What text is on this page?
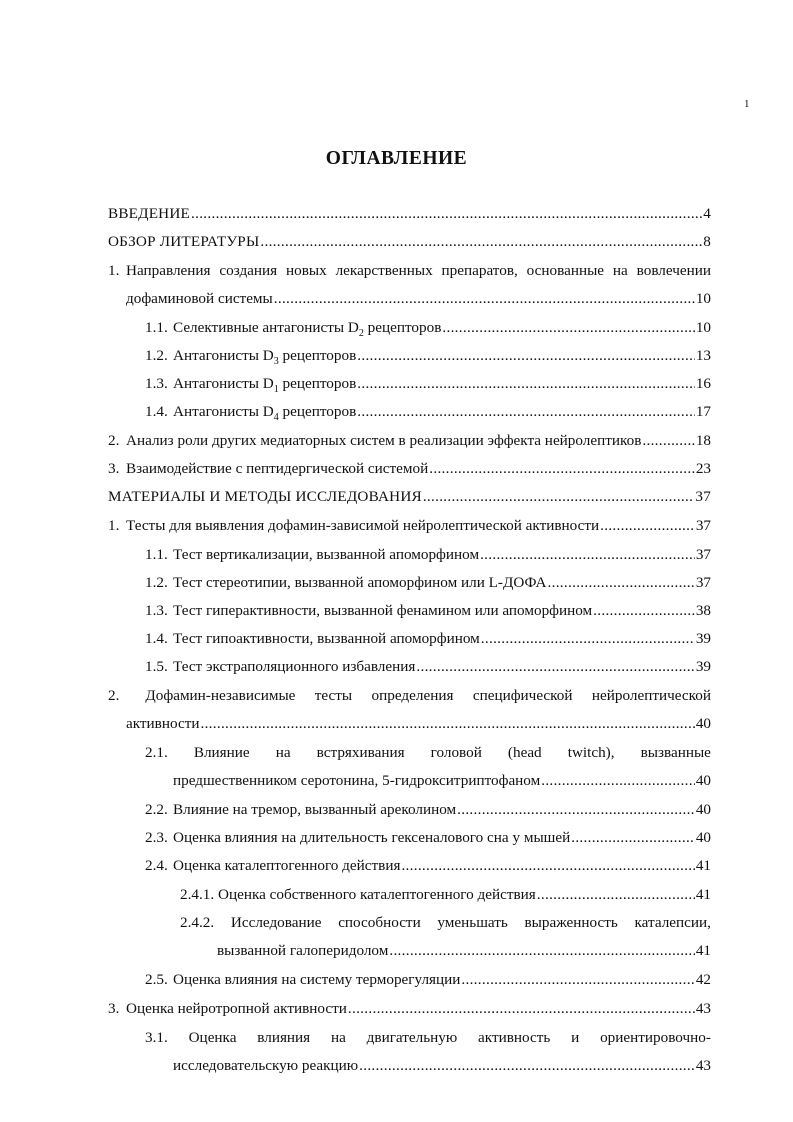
1
ОГЛАВЛЕНИЕ
ВВЕДЕНИЕ .....	4
ОБЗОР ЛИТЕРАТУРЫ .....	8
1. Направления создания новых лекарственных препаратов, основанные на вовлечении
дофаминовой системы .....	10
1.1. Селективные антагонисты $D_2$ рецепторов .....	10
1.2. Антагонисты $D_3$ рецепторов .....	13
1.3. Антагонисты $D_1$ рецепторов .....	16
1.4. Антагонисты $D_4$ рецепторов .....	17
2. Анализ роли других медиаторных систем в реализации эффекта нейролептиков .....	18
3. Взаимодействие с пептидергической системой .....	23
МАТЕРИАЛЫ И МЕТОДЫ ИССЛЕДОВАНИЯ .....	37
1. Тесты для выявления дофамин-зависимой нейролептической активности .....	37
1.1. Тест вертикализации, вызванной апоморфином .....	37
1.2. Тест стереотипии, вызванной апоморфином или L-ДОФА .....	37
1.3. Тест гиперактивности, вызванной фенамином или апоморфином .....	38
1.4. Тест гипоактивности, вызванной апоморфином .....	39
1.5. Тест экстраполяционного избавления .....	39
2.	Дофамин-независимые тесты определения специфической нейролептической
активности .....	40
2.1. Влияние на встряхивания головой (head twitch), вызванные
предшественником серотонина, 5-гидрокситриптофаном .....	40
2.2. Влияние на тремор, вызванный ареколином .....	40
2.3. Оценка влияния на длительность гексеналового сна у мышей .....	40
2.4. Оценка каталептогенного действия .....	41
2.4.1. Оценка собственного каталептогенного действия .....	41
2.4.2. Исследование способности уменьшать выраженность каталепсии,
вызванной галоперидолом .....	41
2.5. Оценка влияния на систему терморегуляции .....	42
3. Оценка нейротропной активности .....	43
3.1. Оценка влияния на двигательную активность и ориентировочно-
исследовательскую реакцию .....	43
